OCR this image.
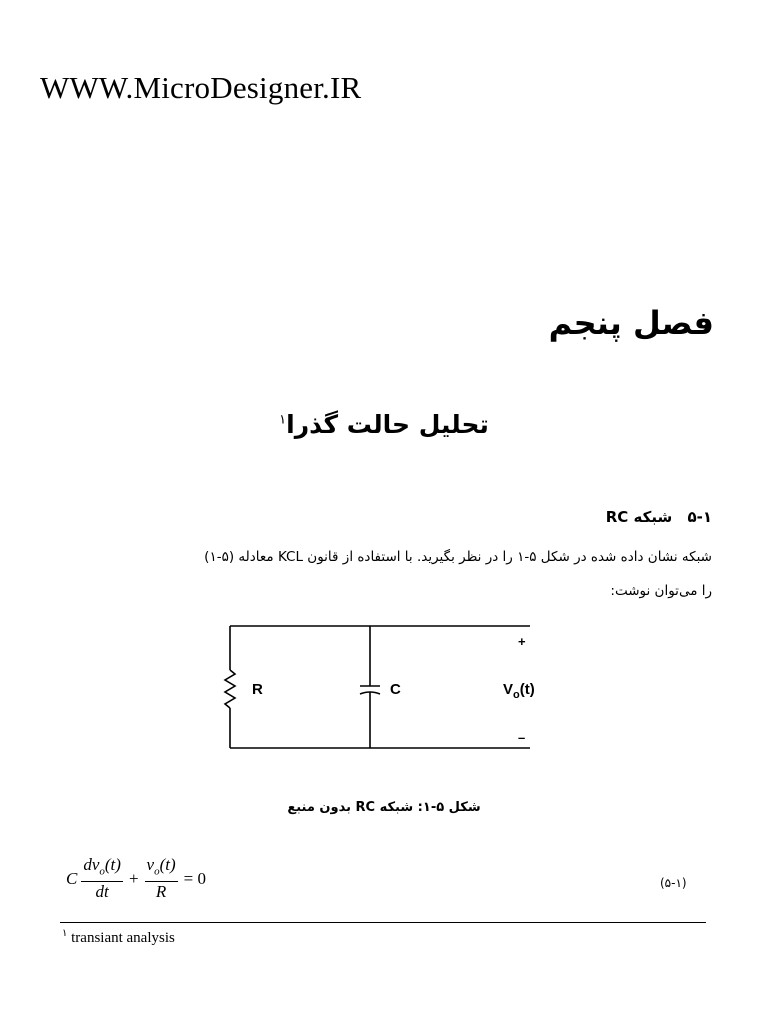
WWW.MicroDesigner.IR
فصل پنجم
تحلیل حالت گذرا$^۱$
۵-۱ شبکه RC
شبکه نشان داده شده در شکل ۵-۱ را در نظر بگیرید. با استفاده از قانون KCL معادله (۵-۱)
را می‌توان نوشت:
R	C	$V_o(t)$
+
–
شکل ۵-۱: شبکه RC بدون منبع
C $\frac{dv_o(t)}{dt} + \frac{v_o(t)}{R} = 0$	(۵-۱)
$^۱$ transiant analysis
